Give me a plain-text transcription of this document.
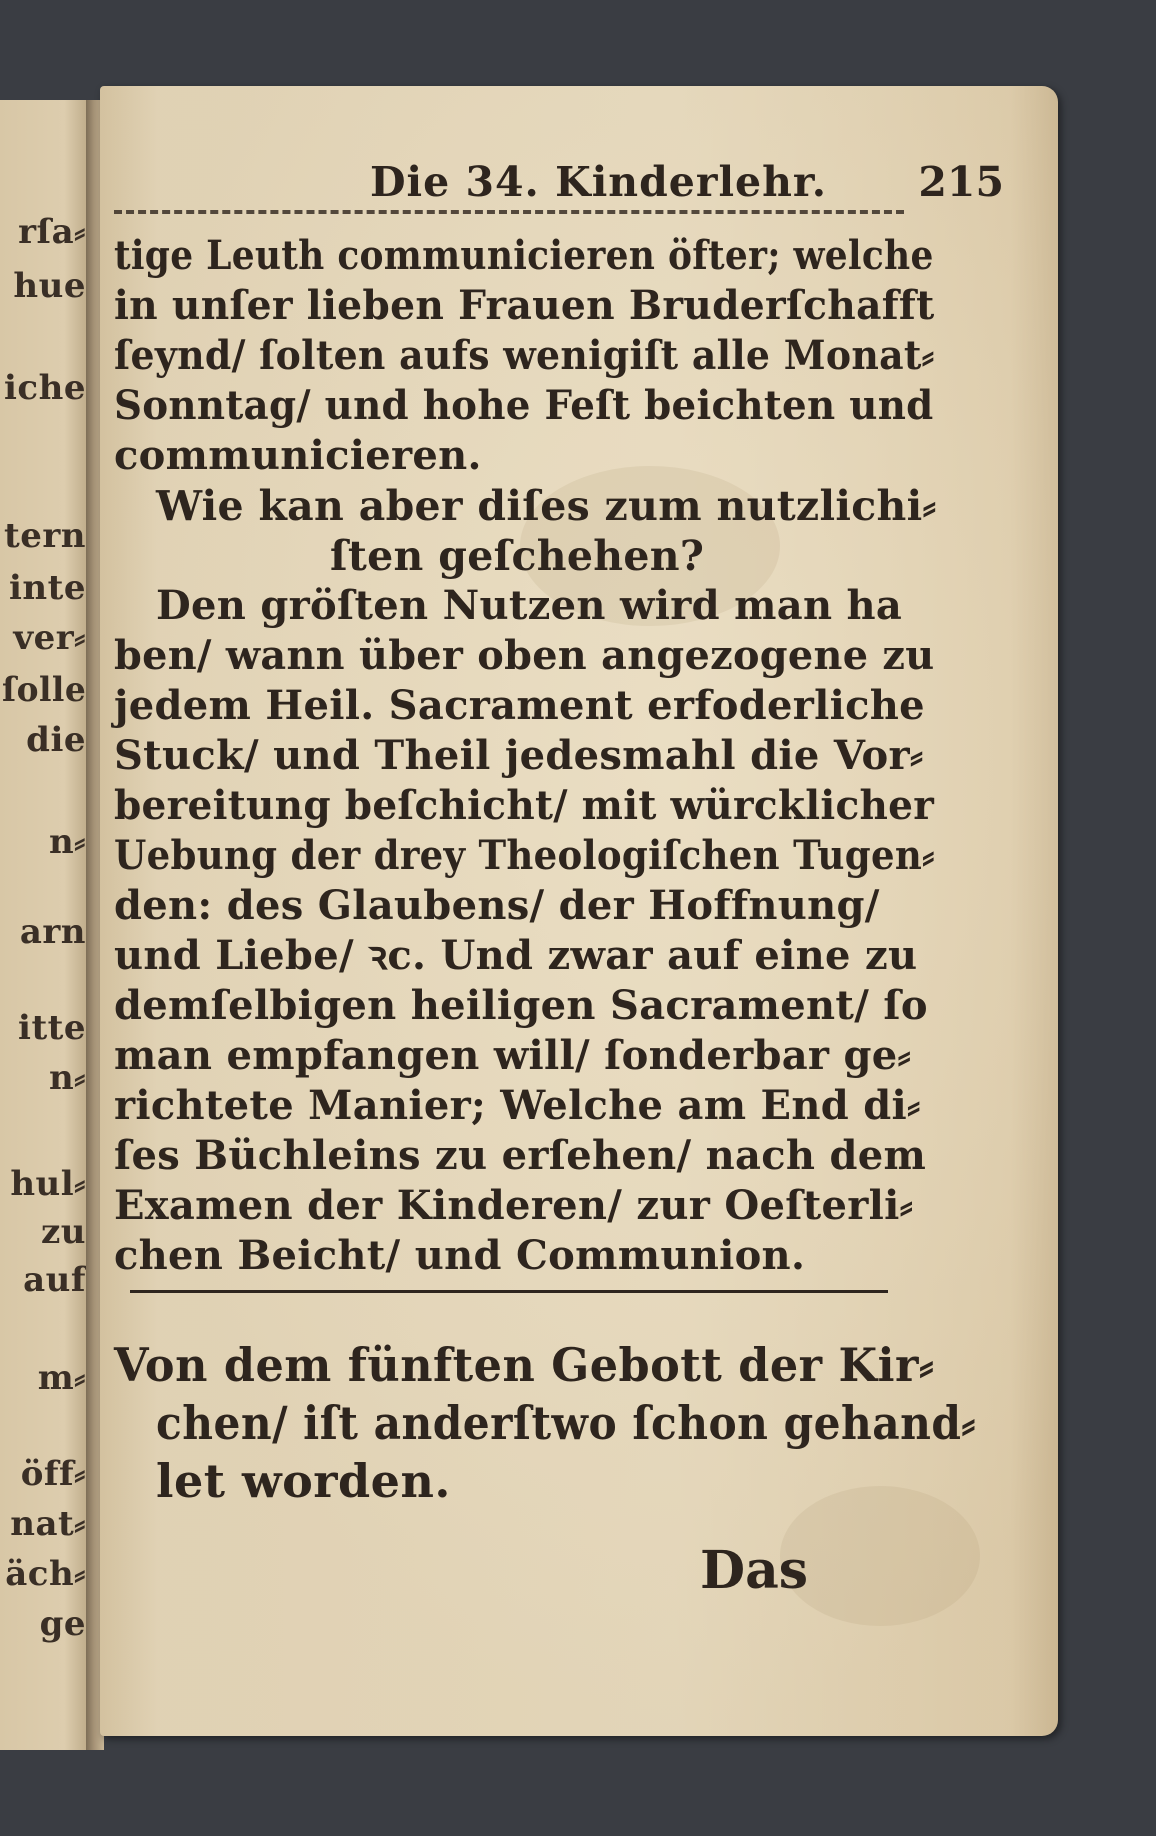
rſa⸗
hue
iche
tern
inte
ver⸗
ſolle
die
n⸗
arn
itte
n⸗
hul⸗
zu
auf
m⸗
öff⸗
nat⸗
äch⸗
ge
Die 34. Kinderlehr. 215
tige Leuth communicieren öfter; welche
in unſer lieben Frauen Bruderſchafft
ſeynd/ ſolten aufs wenigiſt alle Monat⸗
Sonntag/ und hohe Feſt beichten und
communicieren.
Wie kan aber diſes zum nutzlichi⸗
ſten geſchehen?
Den gröſten Nutzen wird man ha
ben/ wann über oben angezogene zu
jedem Heil. Sacrament erfoderliche
Stuck/ und Theil jedesmahl die Vor⸗
bereitung beſchicht/ mit würcklicher
Uebung der drey Theologiſchen Tugen⸗
den: des Glaubens/ der Hoffnung/
und Liebe/ ꝛc. Und zwar auf eine zu
demſelbigen heiligen Sacrament/ ſo
man empfangen will/ ſonderbar ge⸗
richtete Manier; Welche am End di⸗
ſes Büchleins zu erſehen/ nach dem
Examen der Kinderen/ zur Oeſterli⸗
chen Beicht/ und Communion.
Von dem fünften Gebott der Kir⸗
chen/ iſt anderſtwo ſchon gehand⸗
let worden.
Das
